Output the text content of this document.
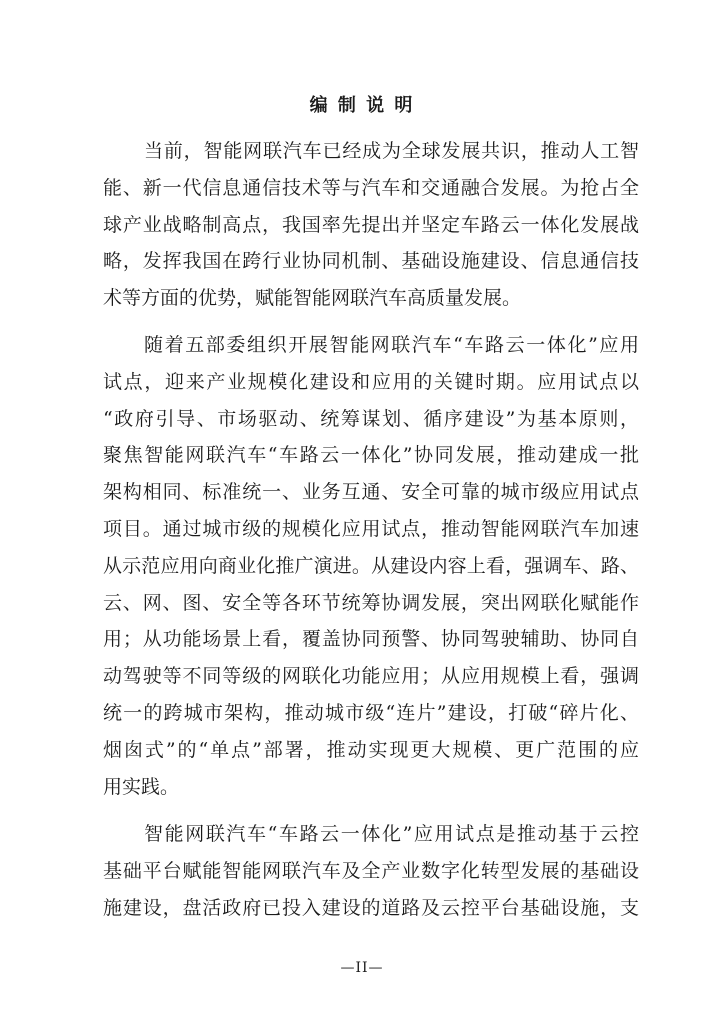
编 制 说 明
当前，智能网联汽车已经成为全球发展共识，推动人工智
能、新一代信息通信技术等与汽车和交通融合发展。为抢占全
球产业战略制高点，我国率先提出并坚定车路云一体化发展战
略，发挥我国在跨行业协同机制、基础设施建设、信息通信技
术等方面的优势，赋能智能网联汽车高质量发展。
随着五部委组织开展智能网联汽车“车路云一体化”应用
试点，迎来产业规模化建设和应用的关键时期。应用试点以
“政府引导、市场驱动、统筹谋划、循序建设”为基本原则，
聚焦智能网联汽车“车路云一体化”协同发展，推动建成一批
架构相同、标准统一、业务互通、安全可靠的城市级应用试点
项目。通过城市级的规模化应用试点，推动智能网联汽车加速
从示范应用向商业化推广演进。从建设内容上看，强调车、路、
云、网、图、安全等各环节统筹协调发展，突出网联化赋能作
用；从功能场景上看，覆盖协同预警、协同驾驶辅助、协同自
动驾驶等不同等级的网联化功能应用；从应用规模上看，强调
统一的跨城市架构，推动城市级“连片”建设，打破“碎片化、
烟囱式”的“单点”部署，推动实现更大规模、更广范围的应
用实践。
智能网联汽车“车路云一体化”应用试点是推动基于云控
基础平台赋能智能网联汽车及全产业数字化转型发展的基础设
施建设，盘活政府已投入建设的道路及云控平台基础设施，支
—II—
